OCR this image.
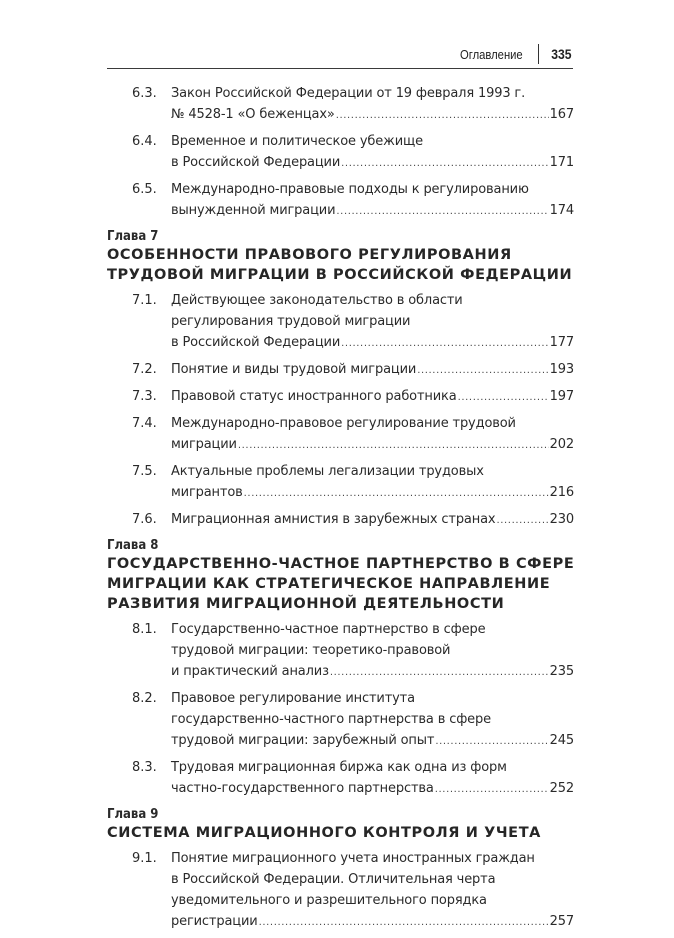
Оглавление 335
6.3. Закон Российской Федерации от 19 февраля 1993 г.
№ 4528-1 «О беженцах» .....	167
6.4. Временное и политическое убежище
в Российской Федерации .....	171
6.5. Международно-правовые подходы к регулированию
вынужденной миграции .....	174
Глава 7
ОСОБЕННОСТИ ПРАВОВОГО РЕГУЛИРОВАНИЯ
ТРУДОВОЙ МИГРАЦИИ В РОССИЙСКОЙ ФЕДЕРАЦИИ
7.1. Действующее законодательство в области
регулирования трудовой миграции
в Российской Федерации .....	177
7.2. Понятие и виды трудовой миграции .....	193
7.3. Правовой статус иностранного работника .....	197
7.4. Международно-правовое регулирование трудовой
миграции .....	202
7.5. Актуальные проблемы легализации трудовых
мигрантов .....	216
7.6. Миграционная амнистия в зарубежных странах .....	230
Глава 8
ГОСУДАРСТВЕННО-ЧАСТНОЕ ПАРТНЕРСТВО В СФЕРЕ
МИГРАЦИИ КАК СТРАТЕГИЧЕСКОЕ НАПРАВЛЕНИЕ
РАЗВИТИЯ МИГРАЦИОННОЙ ДЕЯТЕЛЬНОСТИ
8.1. Государственно-частное партнерство в сфере
трудовой миграции: теоретико-правовой
и практический анализ .....	235
8.2. Правовое регулирование института
государственно-частного партнерства в сфере
трудовой миграции: зарубежный опыт .....	245
8.3. Трудовая миграционная биржа как одна из форм
частно-государственного партнерства .....	252
Глава 9
СИСТЕМА МИГРАЦИОННОГО КОНТРОЛЯ И УЧЕТА
9.1. Понятие миграционного учета иностранных граждан
в Российской Федерации. Отличительная черта
уведомительного и разрешительного порядка
регистрации .....	257
